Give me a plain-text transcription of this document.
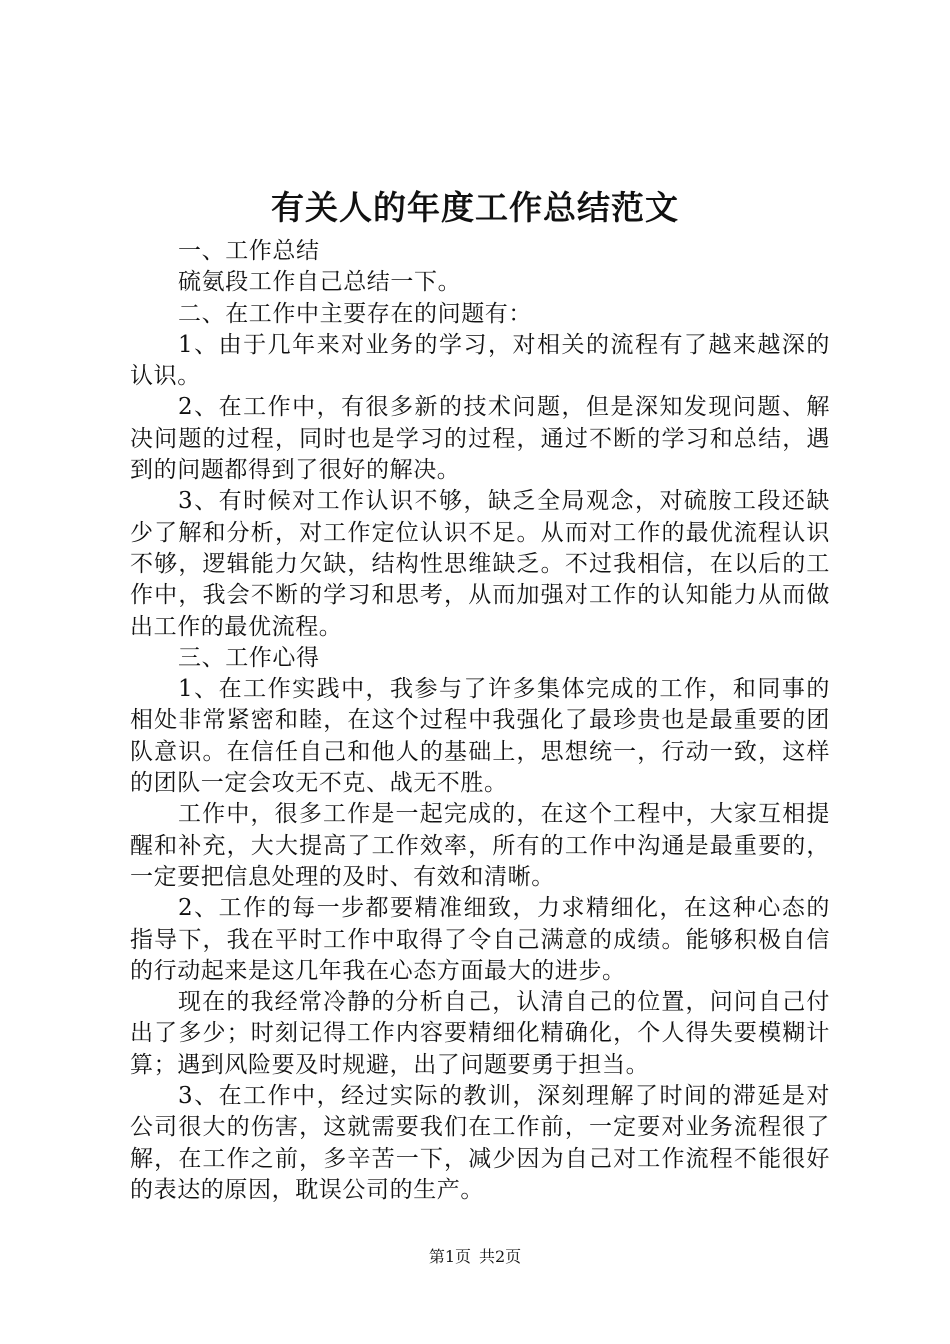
有关人的年度工作总结范文

一、工作总结

硫氨段工作自己总结一下。

二、在工作中主要存在的问题有：

1、由于几年来对业务的学习，对相关的流程有了越来越深的认识。

2、在工作中，有很多新的技术问题，但是深知发现问题、解决问题的过程，同时也是学习的过程，通过不断的学习和总结，遇到的问题都得到了很好的解决。

3、有时候对工作认识不够，缺乏全局观念，对硫胺工段还缺少了解和分析，对工作定位认识不足。从而对工作的最优流程认识不够，逻辑能力欠缺，结构性思维缺乏。不过我相信，在以后的工作中，我会不断的学习和思考，从而加强对工作的认知能力从而做出工作的最优流程。

三、工作心得

1、在工作实践中，我参与了许多集体完成的工作，和同事的相处非常紧密和睦，在这个过程中我强化了最珍贵也是最重要的团队意识。在信任自己和他人的基础上，思想统一，行动一致，这样的团队一定会攻无不克、战无不胜。

工作中，很多工作是一起完成的，在这个工程中，大家互相提醒和补充，大大提高了工作效率，所有的工作中沟通是最重要的，一定要把信息处理的及时、有效和清晰。

2、工作的每一步都要精准细致，力求精细化，在这种心态的指导下，我在平时工作中取得了令自己满意的成绩。能够积极自信的行动起来是这几年我在心态方面最大的进步。

现在的我经常冷静的分析自己，认清自己的位置，问问自己付出了多少；时刻记得工作内容要精细化精确化，个人得失要模糊计算；遇到风险要及时规避，出了问题要勇于担当。

3、在工作中，经过实际的教训，深刻理解了时间的滞延是对公司很大的伤害，这就需要我们在工作前，一定要对业务流程很了解，在工作之前，多辛苦一下，减少因为自己对工作流程不能很好的表达的原因，耽误公司的生产。

第1页 共2页
